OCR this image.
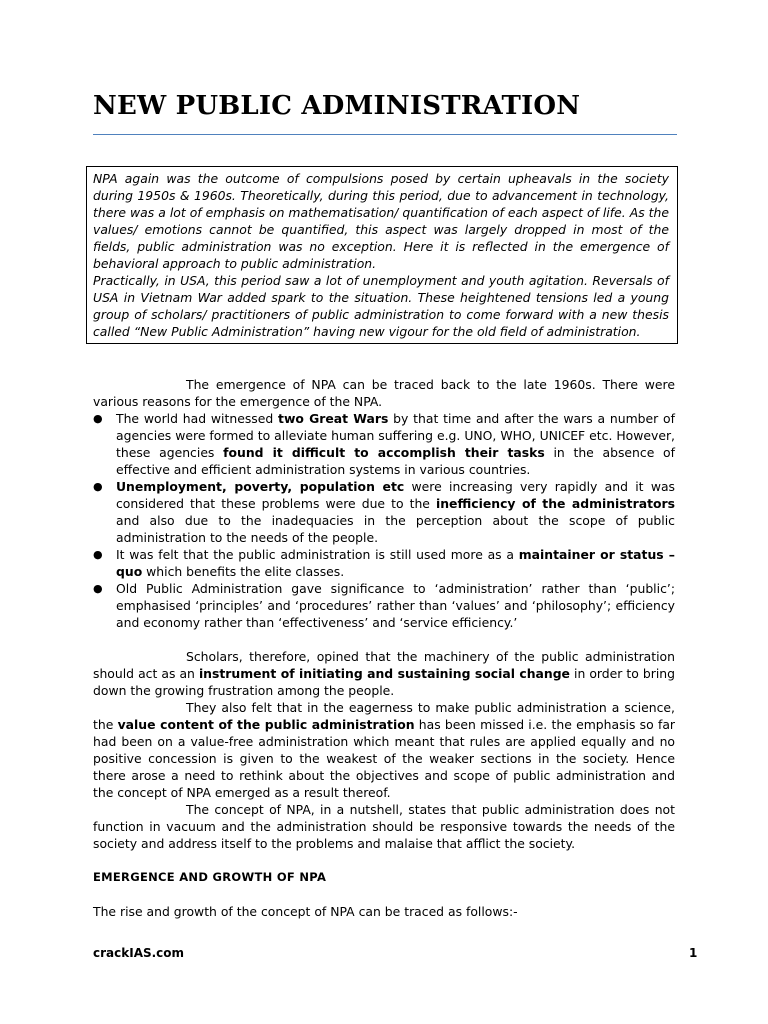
NEW PUBLIC ADMINISTRATION

NPA again was the outcome of compulsions posed by certain upheavals in the society during 1950s & 1960s. Theoretically, during this period, due to advancement in technology, there was a lot of emphasis on mathematisation/ quantification of each aspect of life. As the values/ emotions cannot be quantified, this aspect was largely dropped in most of the fields, public administration was no exception. Here it is reflected in the emergence of behavioral approach to public administration.

Practically, in USA, this period saw a lot of unemployment and youth agitation. Reversals of USA in Vietnam War added spark to the situation. These heightened tensions led a young group of scholars/ practitioners of public administration to come forward with a new thesis called “New Public Administration” having new vigour for the old field of administration.

The emergence of NPA can be traced back to the late 1960s. There were various reasons for the emergence of the NPA.

● The world had witnessed two Great Wars by that time and after the wars a number of agencies were formed to alleviate human suffering e.g. UNO, WHO, UNICEF etc. However, these agencies found it difficult to accomplish their tasks in the absence of effective and efficient administration systems in various countries.
● Unemployment, poverty, population etc were increasing very rapidly and it was considered that these problems were due to the inefficiency of the administrators and also due to the inadequacies in the perception about the scope of public administration to the needs of the people.
● It was felt that the public administration is still used more as a maintainer or status – quo which benefits the elite classes.
● Old Public Administration gave significance to ‘administration’ rather than ‘public’; emphasised ‘principles’ and ‘procedures’ rather than ‘values’ and ‘philosophy’; efficiency and economy rather than ‘effectiveness’ and ‘service efficiency.’

Scholars, therefore, opined that the machinery of the public administration should act as an instrument of initiating and sustaining social change in order to bring down the growing frustration among the people.

They also felt that in the eagerness to make public administration a science, the value content of the public administration has been missed i.e. the emphasis so far had been on a value-free administration which meant that rules are applied equally and no positive concession is given to the weakest of the weaker sections in the society. Hence there arose a need to rethink about the objectives and scope of public administration and the concept of NPA emerged as a result thereof.

The concept of NPA, in a nutshell, states that public administration does not function in vacuum and the administration should be responsive towards the needs of the society and address itself to the problems and malaise that afflict the society.

EMERGENCE AND GROWTH OF NPA

The rise and growth of the concept of NPA can be traced as follows:-

crackIAS.com	1
